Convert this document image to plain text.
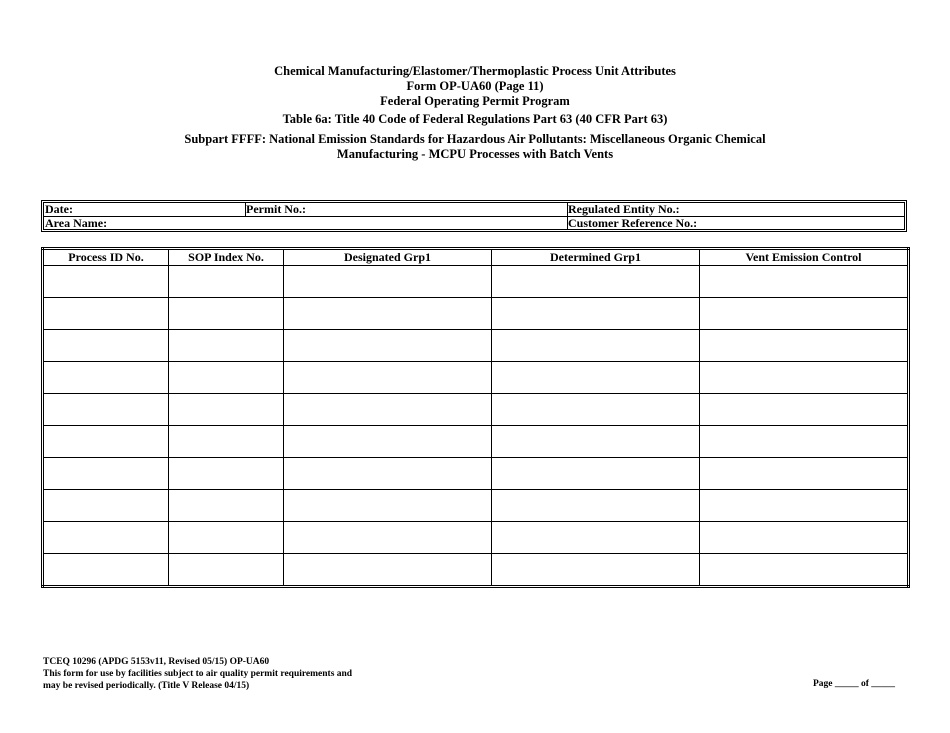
Chemical Manufacturing/Elastomer/Thermoplastic Process Unit Attributes
Form OP-UA60 (Page 11)
Federal Operating Permit Program
Table 6a: Title 40 Code of Federal Regulations Part 63 (40 CFR Part 63)
Subpart FFFF: National Emission Standards for Hazardous Air Pollutants: Miscellaneous Organic Chemical
Manufacturing - MCPU Processes with Batch Vents
Date:	Permit No.:	Regulated Entity No.:
Area Name:	Customer Reference No.:
Process ID No.	SOP Index No.	Designated Grp1	Determined Grp1	Vent Emission Control

TCEQ 10296 (APDG 5153v11, Revised 05/15) OP-UA60
This form for use by facilities subject to air quality permit requirements and
may be revised periodically. (Title V Release 04/15)	Page _____ of _____
